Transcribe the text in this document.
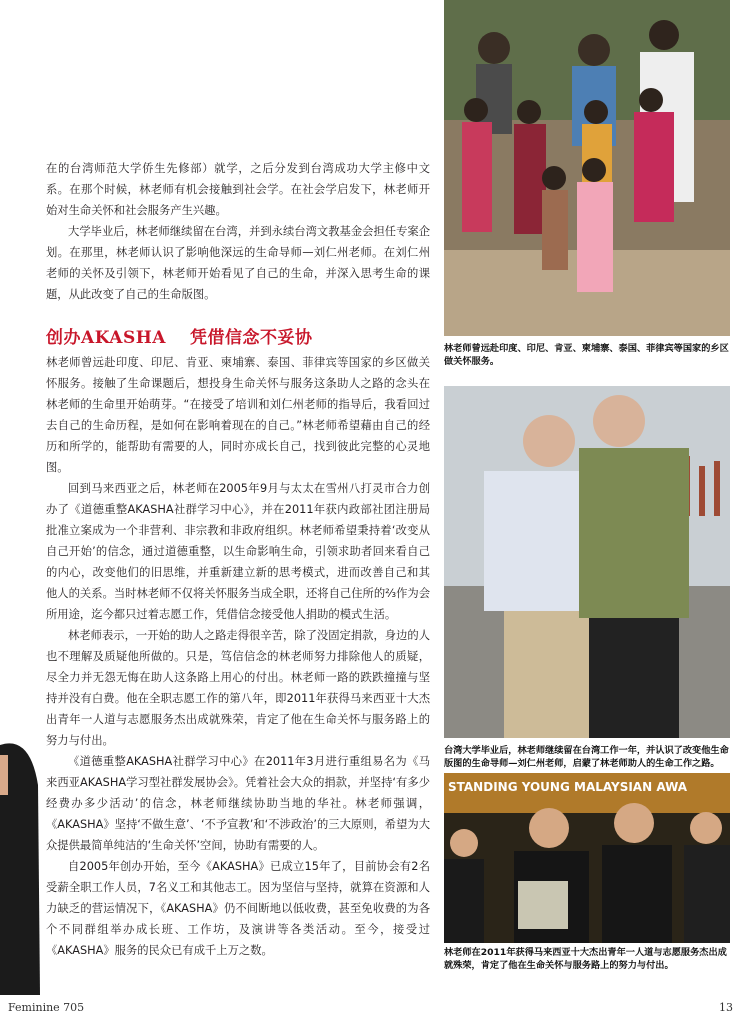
在的台湾师范大学侨生先修部）就学，之后分发到台湾成功大学主修中文系。在那个时候，林老师有机会接触到社会学。在社会学启发下，林老师开始对生命关怀和社会服务产生兴趣。

大学毕业后，林老师继续留在台湾，并到永续台湾文教基金会担任专案企划。在那里，林老师认识了影响他深远的生命导师—刘仁州老师。在刘仁州老师的关怀及引领下，林老师开始看见了自己的生命，并深入思考生命的课题，从此改变了自己的生命版图。

创办AKASHA 凭借信念不妥协

林老师曾远赴印度、印尼、肯亚、柬埔寨、泰国、菲律宾等国家的乡区做关怀服务。接触了生命课题后，想投身生命关怀与服务这条助人之路的念头在林老师的生命里开始萌芽。“在接受了培训和刘仁州老师的指导后，我看回过去自己的生命历程，是如何在影响着现在的自己。”林老师希望藉由自己的经历和所学的，能帮助有需要的人，同时亦成长自己，找到彼此完整的心灵地图。

回到马来西亚之后，林老师在2005年9月与太太在雪州八打灵市合力创办了《道德重整AKASHA社群学习中心》，并在2011年获内政部社团注册局批准立案成为一个非营利、非宗教和非政府组织。林老师希望秉持着‘改变从自己开始’的信念，通过道德重整，以生命影响生命，引领求助者回来看自己的内心，改变他们的旧思维，并重新建立新的思考模式，进而改善自己和其他人的关系。当时林老师不仅将关怀服务当成全职，还将自己住所的⅔作为会所用途，迄今都只过着志愿工作，凭借信念接受他人捐助的模式生活。

林老师表示，一开始的助人之路走得很辛苦，除了没固定捐款，身边的人也不理解及质疑他所做的。只是，笃信信念的林老师努力排除他人的质疑，尽全力并无怨无悔在助人这条路上用心的付出。林老师一路的跌跌撞撞与坚持并没有白费。他在全职志愿工作的第八年，即2011年获得马来西亚十大杰出青年一人道与志愿服务杰出成就殊荣，肯定了他在生命关怀与服务路上的努力与付出。

《道德重整AKASHA社群学习中心》在2011年3月进行重组易名为《马来西亚AKASHA学习型社群发展协会》。凭着社会大众的捐款，并坚持‘有多少经费办多少活动’的信念，林老师继续协助当地的华社。林老师强调，《AKASHA》坚持‘不做生意’、‘不予宣教’和‘不涉政治’的三大原则，希望为大众提供最简单纯洁的‘生命关怀’空间，协助有需要的人。

自2005年创办开始，至今《AKASHA》已成立15年了，目前协会有2名受薪全职工作人员，7名义工和其他志工。因为坚信与坚持，就算在资源和人力缺乏的营运情况下，《AKASHA》仍不间断地以低收费，甚至免收费的为各个不同群组举办成长班、工作坊，及演讲等各类活动。至今，接受过《AKASHA》服务的民众已有成千上万之数。

林老师曾远赴印度、印尼、肯亚、柬埔寨、泰国、菲律宾等国家的乡区做关怀服务。
台湾大学毕业后，林老师继续留在台湾工作一年，并认识了改变他生命版图的生命导师—刘仁州老师，启蒙了林老师助人的生命工作之路。
STANDING YOUNG MALAYSIAN AWA
林老师在2011年获得马来西亚十大杰出青年一人道与志愿服务杰出成就殊荣，肯定了他在生命关怀与服务路上的努力与付出。
Feminine 705	13
